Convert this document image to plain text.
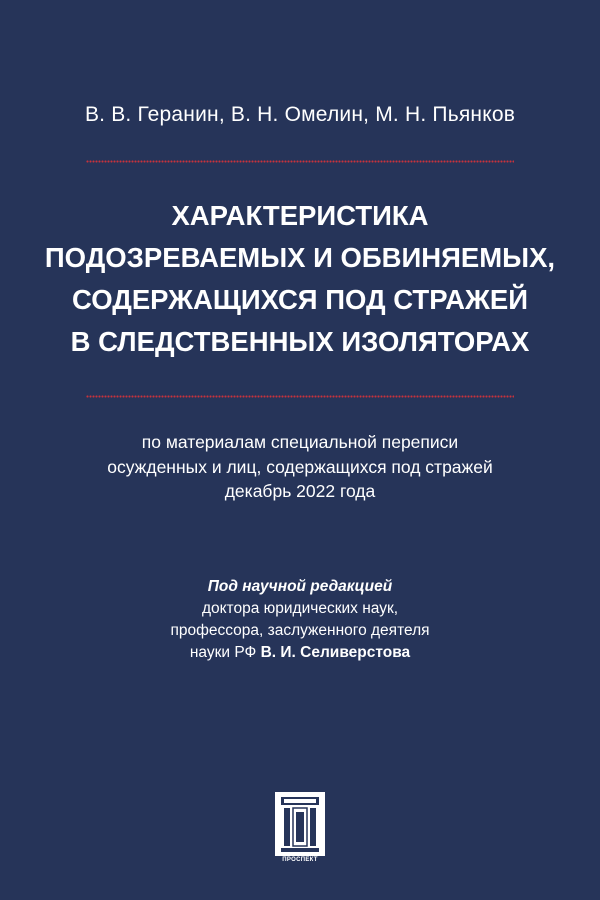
В. В. Геранин, В. Н. Омелин, М. Н. Пьянков
ХАРАКТЕРИСТИКА
ПОДОЗРЕВАЕМЫХ И ОБВИНЯЕМЫХ,
СОДЕРЖАЩИХСЯ ПОД СТРАЖЕЙ
В СЛЕДСТВЕННЫХ ИЗОЛЯТОРАХ
по материалам специальной переписи
осужденных и лиц, содержащихся под стражей
декабрь 2022 года
Под научной редакцией
доктора юридических наук,
профессора, заслуженного деятеля
науки РФ В. И. Селиверстова
ПРОСПЕКТ
